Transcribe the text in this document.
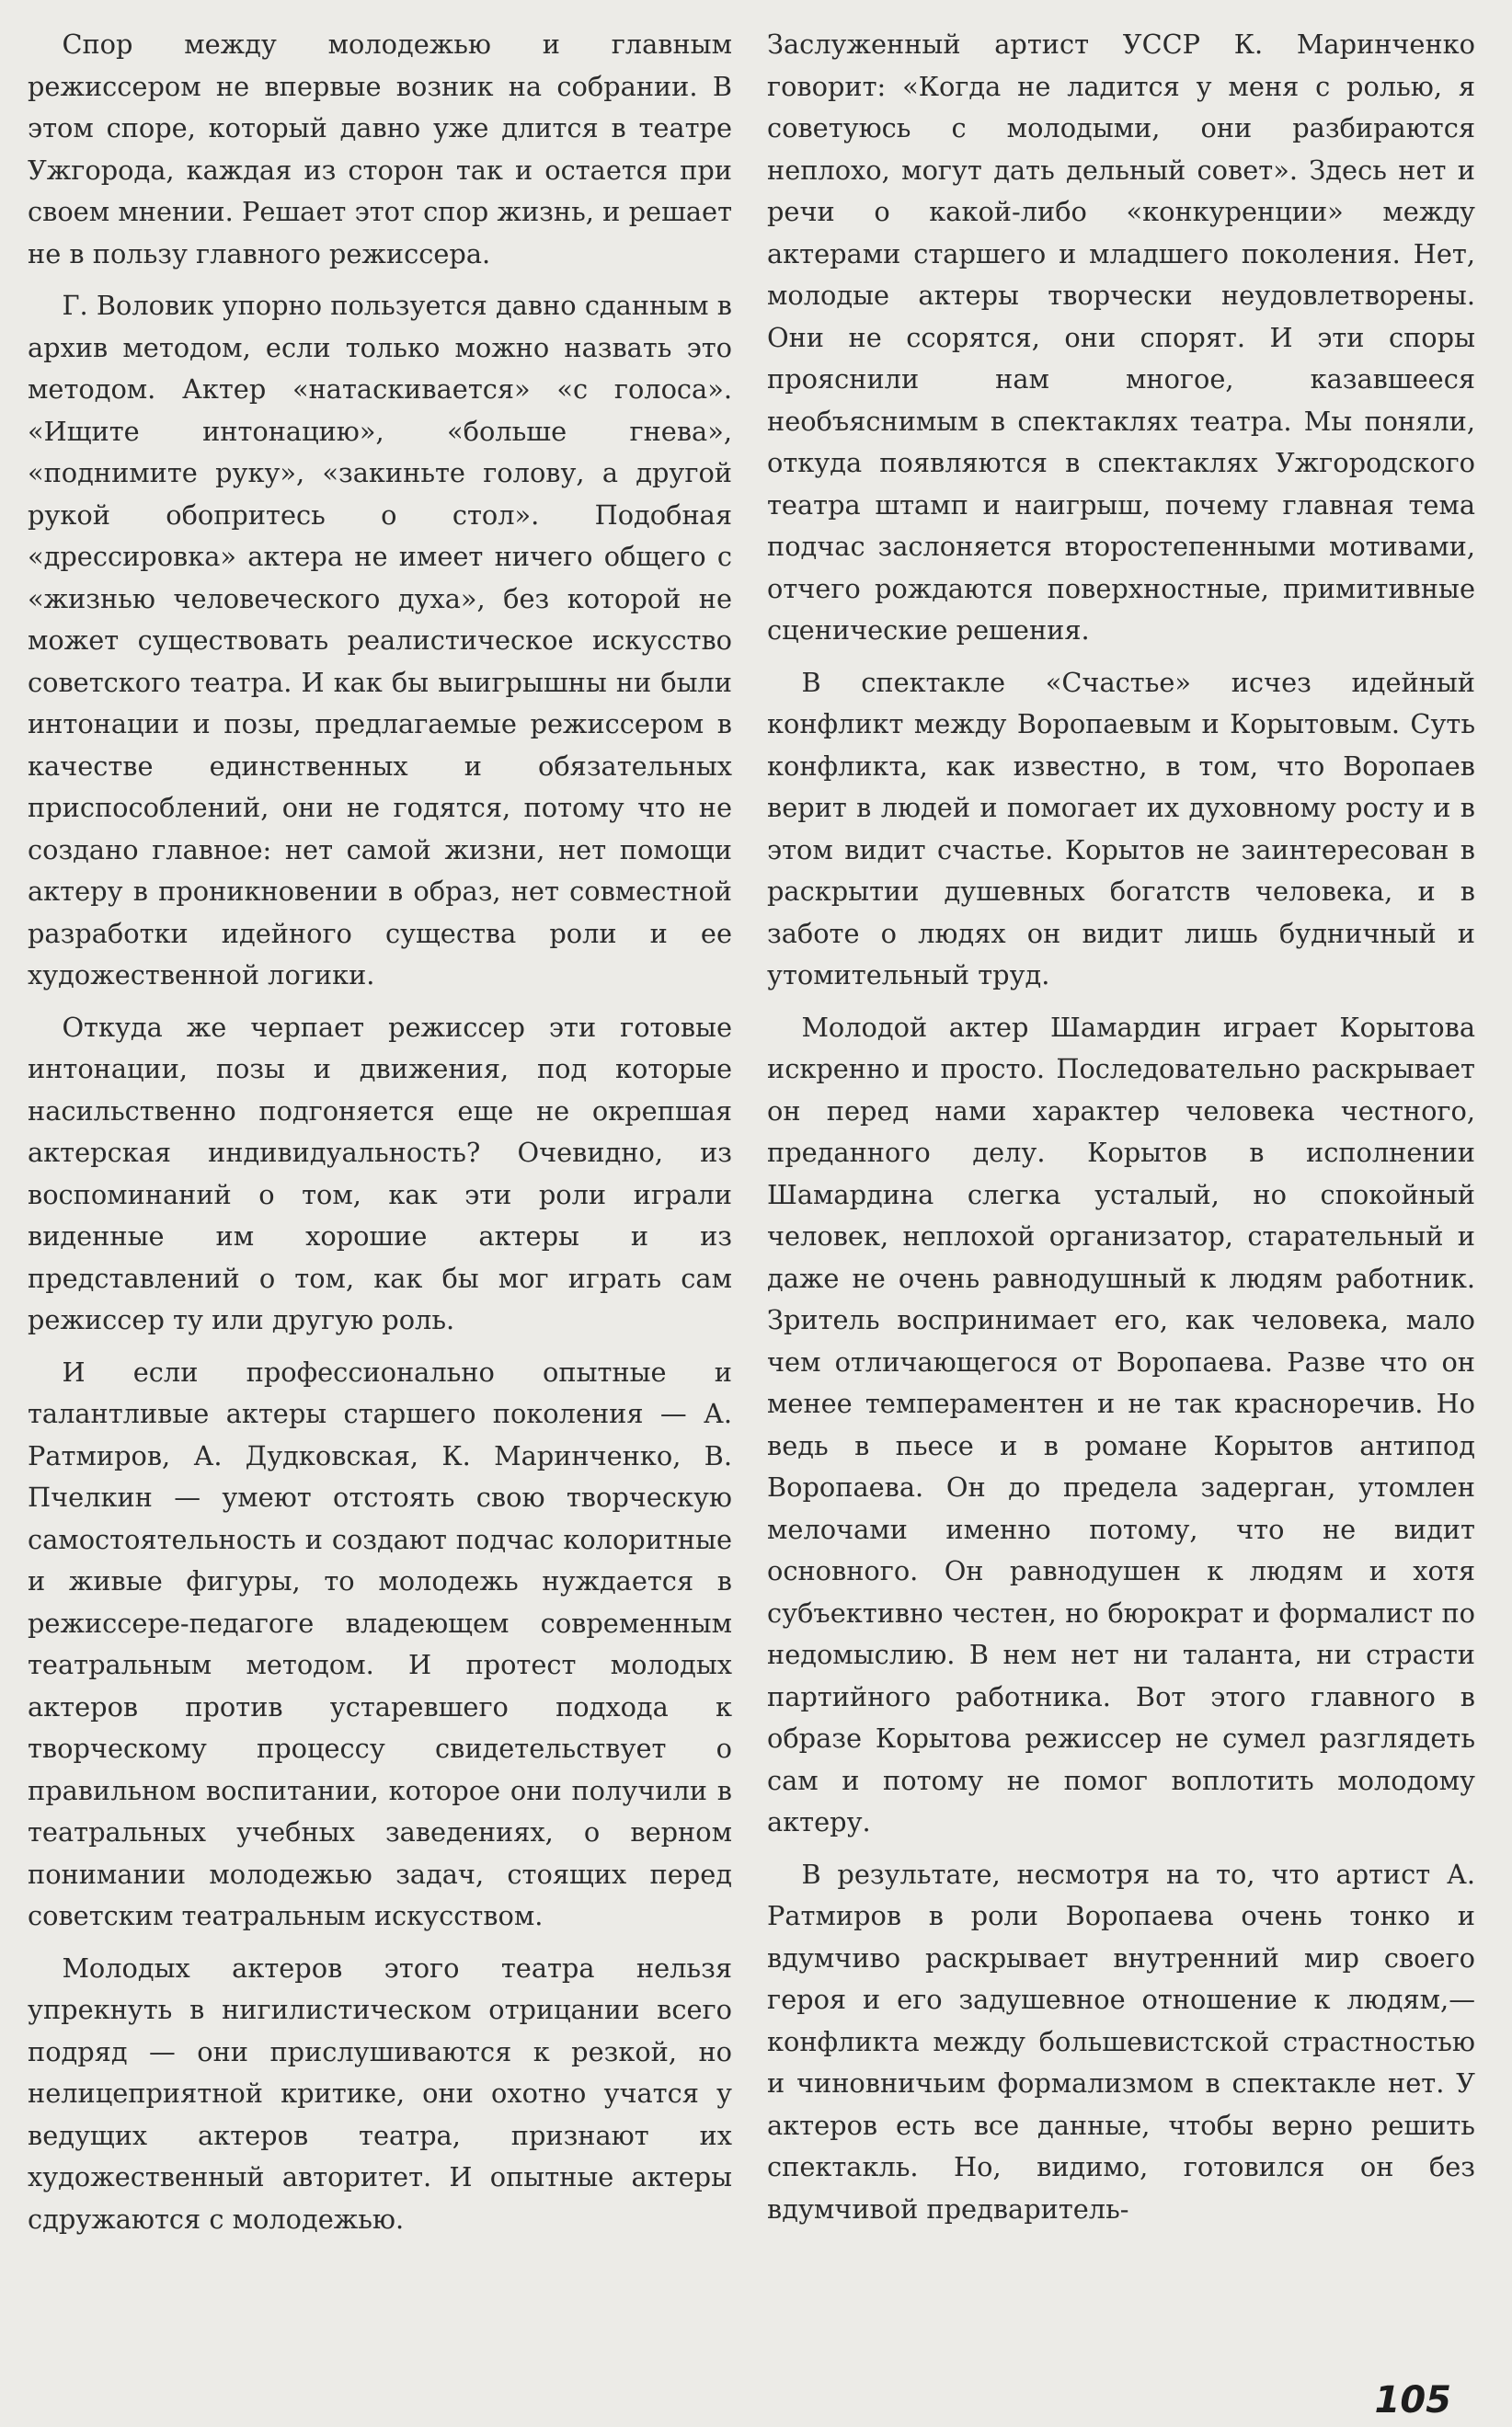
Спор между молодежью и главным режиссером не впервые возник на собрании. В этом споре, который давно уже длится в театре Ужгорода, каждая из сторон так и остается при своем мнении. Решает этот спор жизнь, и решает не в пользу главного режиссера.

Г. Воловик упорно пользуется давно сданным в архив методом, если только можно назвать это методом. Актер «натаскивается» «с голоса». «Ищите интонацию», «больше гнева», «поднимите руку», «закиньте голову, а другой рукой обопритесь о стол». Подобная «дрессировка» актера не имеет ничего общего с «жизнью человеческого духа», без которой не может существовать реалистическое искусство советского театра. И как бы выигрышны ни были интонации и позы, предлагаемые режиссером в качестве единственных и обязательных приспособлений, они не годятся, потому что не создано главное: нет самой жизни, нет помощи актеру в проникновении в образ, нет совместной разработки идейного существа роли и ее художественной логики.

Откуда же черпает режиссер эти готовые интонации, позы и движения, под которые насильственно подгоняется еще не окрепшая актерская индивидуальность? Очевидно, из воспоминаний о том, как эти роли играли виденные им хорошие актеры и из представлений о том, как бы мог играть сам режиссер ту или другую роль.

И если профессионально опытные и талантливые актеры старшего поколения — А. Ратмиров, А. Дудковская, К. Маринченко, В. Пчелкин — умеют отстоять свою творческую самостоятельность и создают подчас колоритные и живые фигуры, то молодежь нуждается в режиссере-педагоге владеющем современным театральным методом. И протест молодых актеров против устаревшего подхода к творческому процессу свидетельствует о правильном воспитании, которое они получили в театральных учебных заведениях, о верном понимании молодежью задач, стоящих перед советским театральным искусством.

Молодых актеров этого театра нельзя упрекнуть в нигилистическом отрицании всего подряд — они прислушиваются к резкой, но нелицеприятной критике, они охотно учатся у ведущих актеров театра, признают их художественный авторитет. И опытные актеры сдружаются с молодежью.

Заслуженный артист УССР К. Маринченко говорит: «Когда не ладится у меня с ролью, я советуюсь с молодыми, они разбираются неплохо, могут дать дельный совет». Здесь нет и речи о какой-либо «конкуренции» между актерами старшего и младшего поколения. Нет, молодые актеры творчески неудовлетворены. Они не ссорятся, они спорят. И эти споры прояснили нам многое, казавшееся необъяснимым в спектаклях театра. Мы поняли, откуда появляются в спектаклях Ужгородского театра штамп и наигрыш, почему главная тема подчас заслоняется второстепенными мотивами, отчего рождаются поверхностные, примитивные сценические решения.

В спектакле «Счастье» исчез идейный конфликт между Воропаевым и Корытовым. Суть конфликта, как известно, в том, что Воропаев верит в людей и помогает их духовному росту и в этом видит счастье. Корытов не заинтересован в раскрытии душевных богатств человека, и в заботе о людях он видит лишь будничный и утомительный труд.

Молодой актер Шамардин играет Корытова искренно и просто. Последовательно раскрывает он перед нами характер человека честного, преданного делу. Корытов в исполнении Шамардина слегка усталый, но спокойный человек, неплохой организатор, старательный и даже не очень равнодушный к людям работник. Зритель воспринимает его, как человека, мало чем отличающегося от Воропаева. Разве что он менее темпераментен и не так красноречив. Но ведь в пьесе и в романе Корытов антипод Воропаева. Он до предела задерган, утомлен мелочами именно потому, что не видит основного. Он равнодушен к людям и хотя субъективно честен, но бюрократ и формалист по недомыслию. В нем нет ни таланта, ни страсти партийного работника. Вот этого главного в образе Корытова режиссер не сумел разглядеть сам и потому не помог воплотить молодому актеру.

В результате, несмотря на то, что артист А. Ратмиров в роли Воропаева очень тонко и вдумчиво раскрывает внутренний мир своего героя и его задушевное отношение к людям,—конфликта между большевистской страстностью и чиновничьим формализмом в спектакле нет. У актеров есть все данные, чтобы верно решить спектакль. Но, видимо, готовился он без вдумчивой предваритель-

105
